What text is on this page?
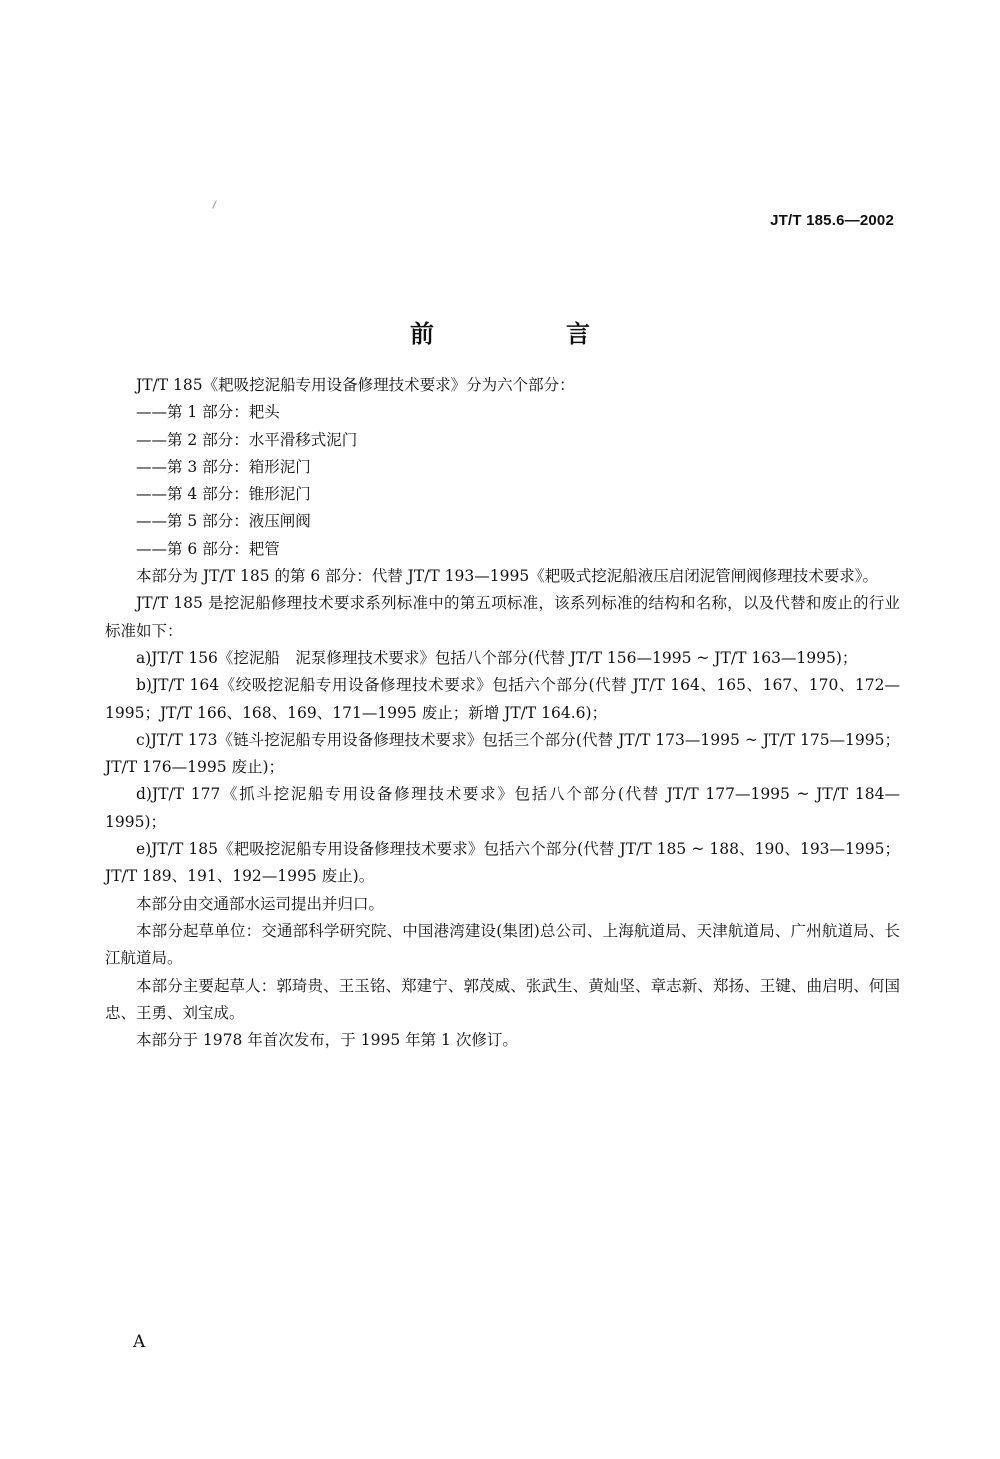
JT/T 185.6—2002
前　言

JT/T 185《耙吸挖泥船专用设备修理技术要求》分为六个部分：

——第 1 部分：耙头

——第 2 部分：水平滑移式泥门

——第 3 部分：箱形泥门

——第 4 部分：锥形泥门

——第 5 部分：液压闸阀

——第 6 部分：耙管

本部分为 JT/T 185 的第 6 部分：代替 JT/T 193—1995《耙吸式挖泥船液压启闭泥管闸阀修理技术要求》。

JT/T 185 是挖泥船修理技术要求系列标准中的第五项标准，该系列标准的结构和名称，以及代替和废止的行业标准如下：

a)JT/T 156《挖泥船　泥泵修理技术要求》包括八个部分(代替 JT/T 156—1995 ~ JT/T 163—1995)；

b)JT/T 164《绞吸挖泥船专用设备修理技术要求》包括六个部分(代替 JT/T 164、165、167、170、172—1995；JT/T 166、168、169、171—1995 废止；新增 JT/T 164.6)；

c)JT/T 173《链斗挖泥船专用设备修理技术要求》包括三个部分(代替 JT/T 173—1995 ~ JT/T 175—1995；JT/T 176—1995 废止)；

d)JT/T 177《抓斗挖泥船专用设备修理技术要求》包括八个部分(代替 JT/T 177—1995 ~ JT/T 184—1995)；

e)JT/T 185《耙吸挖泥船专用设备修理技术要求》包括六个部分(代替 JT/T 185 ~ 188、190、193—1995；JT/T 189、191、192—1995 废止)。

本部分由交通部水运司提出并归口。

本部分起草单位：交通部科学研究院、中国港湾建设(集团)总公司、上海航道局、天津航道局、广州航道局、长江航道局。

本部分主要起草人：郭琦贵、王玉铭、郑建宁、郭茂威、张武生、黄灿坚、章志新、郑扬、王键、曲启明、何国忠、王勇、刘宝成。

本部分于 1978 年首次发布，于 1995 年第 1 次修订。

A
